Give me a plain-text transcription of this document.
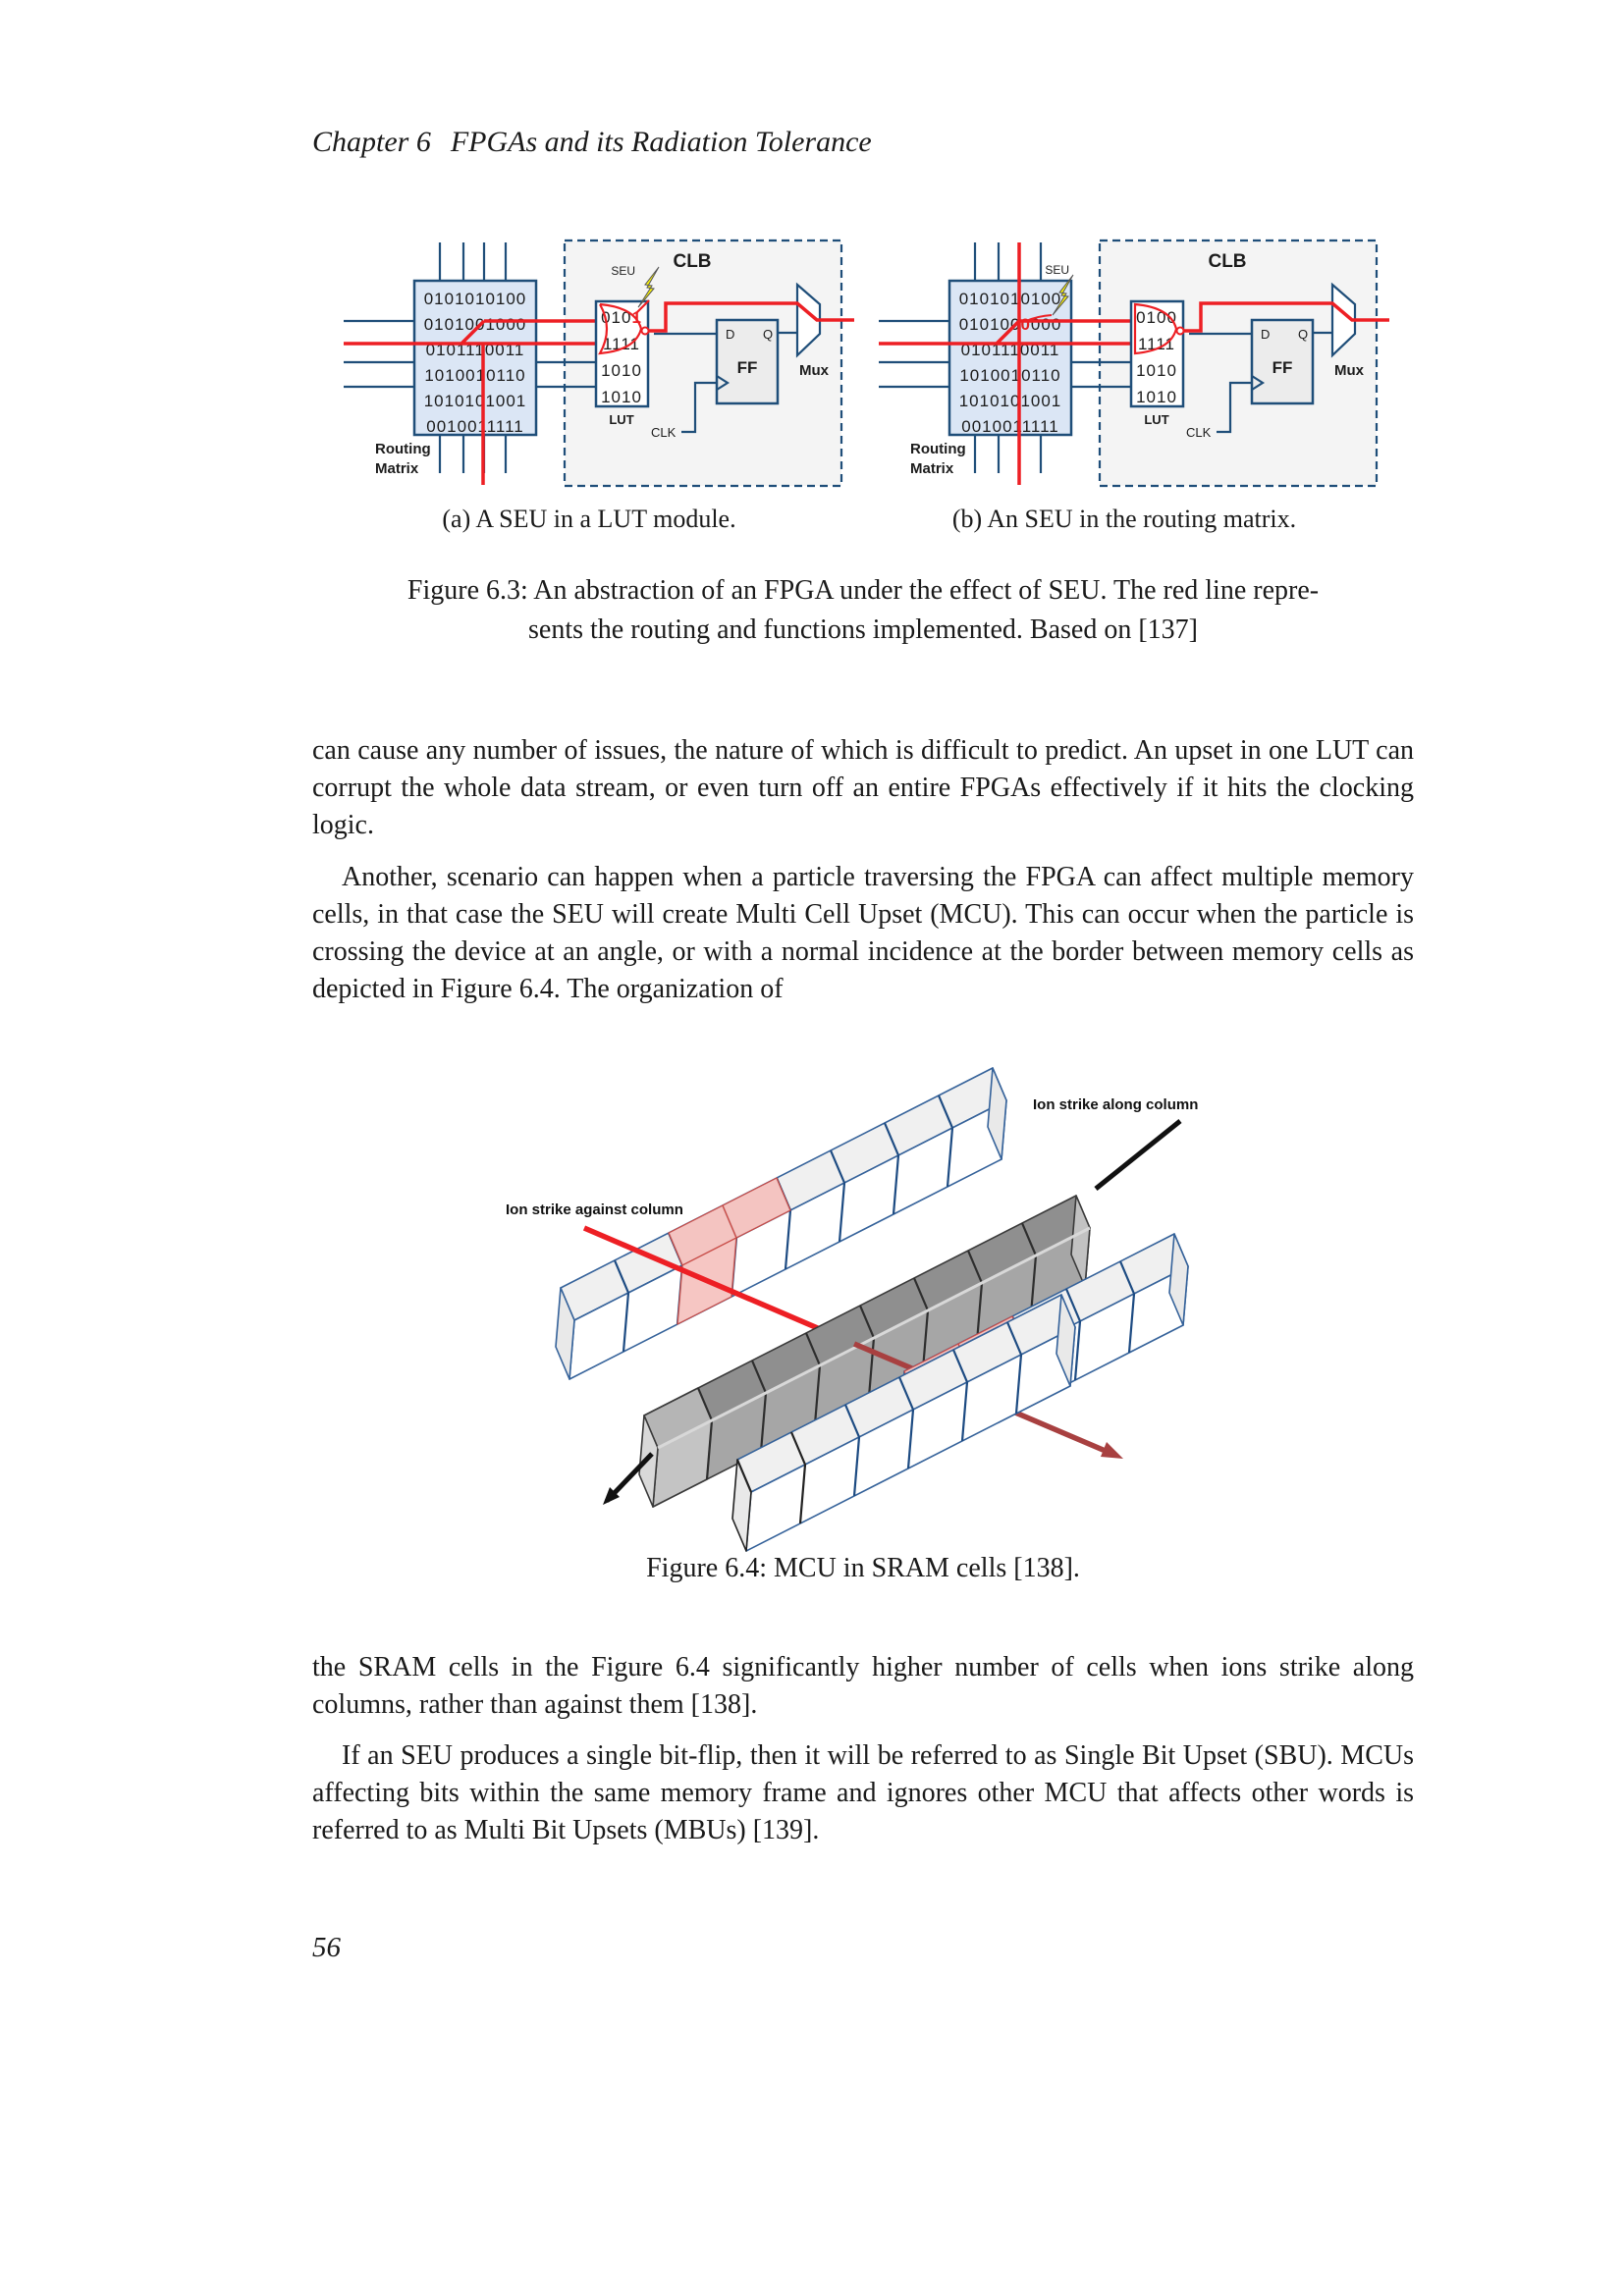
Chapter 6 FPGAs and its Radiation Tolerance
CLB
0101010100
0101001000
0101110011
1010010110
1010101001
0010011111
Routing Matrix
0101
1111
1010
1010
LUT
D Q
FF
CLK
Mux
SEU	CLB
0101010100
0101000000
0101110011
1010010110
1010101001
0010011111
Routing Matrix
0100
1111
1010
1010
LUT
D Q
FF
CLK
Mux
SEU
(a) A SEU in a LUT module.	(b) An SEU in the routing matrix.
Figure 6.3: An abstraction of an FPGA under the effect of SEU. The red line repre-
sents the routing and functions implemented. Based on [137]
can cause any number of issues, the nature of which is difficult to predict. An upset in one LUT can corrupt the whole data stream, or even turn off an entire FPGAs effectively if it hits the clocking logic.
Another, scenario can happen when a particle traversing the FPGA can affect multiple memory cells, in that case the SEU will create Multi Cell Upset (MCU). This can occur when the particle is crossing the device at an angle, or with a normal incidence at the border between memory cells as depicted in Figure 6.4. The organization of
Ion strike against column
Ion strike along column
Figure 6.4: MCU in SRAM cells [138].
the SRAM cells in the Figure 6.4 significantly higher number of cells when ions strike along columns, rather than against them [138].
If an SEU produces a single bit-flip, then it will be referred to as Single Bit Upset (SBU). MCUs affecting bits within the same memory frame and ignores other MCU that affects other words is referred to as Multi Bit Upsets (MBUs) [139].
56
